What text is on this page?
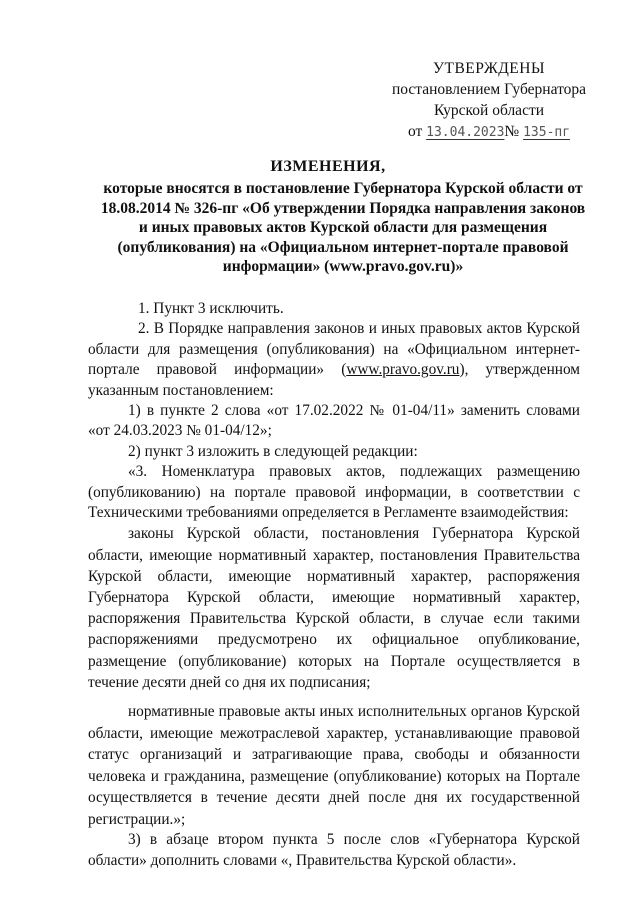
УТВЕРЖДЕНЫ
постановлением Губернатора
Курской области
от 13.04.2023№ 135-пг
ИЗМЕНЕНИЯ,
которые вносятся в постановление Губернатора Курской области от 18.08.2014 № 326-пг «Об утверждении Порядка направления законов и иных правовых актов Курской области для размещения (опубликования) на «Официальном интернет-портале правовой информации» (www.pravo.gov.ru)»

1. Пункт 3 исключить.

2. В Порядке направления законов и иных правовых актов Курской области для размещения (опубликования) на «Официальном интернет-портале правовой информации» (www.pravo.gov.ru), утвержденном указанным постановлением:

1) в пункте 2 слова «от 17.02.2022 № 01-04/11» заменить словами «от 24.03.2023 № 01-04/12»;

2) пункт 3 изложить в следующей редакции:

«3. Номенклатура правовых актов, подлежащих размещению (опубликованию) на портале правовой информации, в соответствии с Техническими требованиями определяется в Регламенте взаимодействия:

законы Курской области, постановления Губернатора Курской области, имеющие нормативный характер, постановления Правительства Курской области, имеющие нормативный характер, распоряжения Губернатора Курской области, имеющие нормативный характер, распоряжения Правительства Курской области, в случае если такими распоряжениями предусмотрено их официальное опубликование, размещение (опубликование) которых на Портале осуществляется в течение десяти дней со дня их подписания;

нормативные правовые акты иных исполнительных органов Курской области, имеющие межотраслевой характер, устанавливающие правовой статус организаций и затрагивающие права, свободы и обязанности человека и гражданина, размещение (опубликование) которых на Портале осуществляется в течение десяти дней после дня их государственной регистрации.»;

3) в абзаце втором пункта 5 после слов «Губернатора Курской области» дополнить словами «, Правительства Курской области».
